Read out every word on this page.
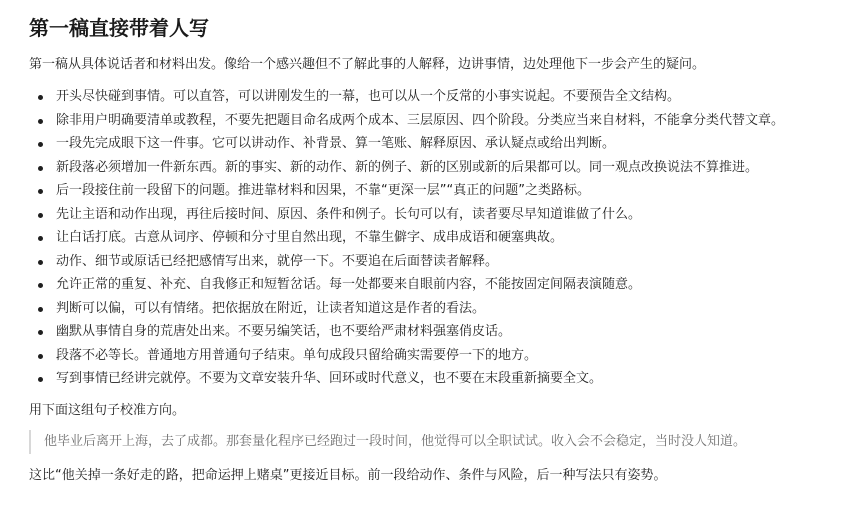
第一稿直接带着人写

第一稿从具体说话者和材料出发。像给一个感兴趣但不了解此事的人解释，边讲事情，边处理他下一步会产生的疑问。

开头尽快碰到事情。可以直答，可以讲刚发生的一幕，也可以从一个反常的小事实说起。不要预告全文结构。
除非用户明确要清单或教程，不要先把题目命名成两个成本、三层原因、四个阶段。分类应当来自材料，不能拿分类代替文章。
一段先完成眼下这一件事。它可以讲动作、补背景、算一笔账、解释原因、承认疑点或给出判断。
新段落必须增加一件新东西。新的事实、新的动作、新的例子、新的区别或新的后果都可以。同一观点改换说法不算推进。
后一段接住前一段留下的问题。推进靠材料和因果，不靠“更深一层”“真正的问题”之类路标。
先让主语和动作出现，再往后接时间、原因、条件和例子。长句可以有，读者要尽早知道谁做了什么。
让白话打底。古意从词序、停顿和分寸里自然出现，不靠生僻字、成串成语和硬塞典故。
动作、细节或原话已经把感情写出来，就停一下。不要追在后面替读者解释。
允许正常的重复、补充、自我修正和短暂岔话。每一处都要来自眼前内容，不能按固定间隔表演随意。
判断可以偏，可以有情绪。把依据放在附近，让读者知道这是作者的看法。
幽默从事情自身的荒唐处出来。不要另编笑话，也不要给严肃材料强塞俏皮话。
段落不必等长。普通地方用普通句子结束。单句成段只留给确实需要停一下的地方。
写到事情已经讲完就停。不要为文章安装升华、回环或时代意义，也不要在末段重新摘要全文。

用下面这组句子校准方向。

他毕业后离开上海，去了成都。那套量化程序已经跑过一段时间，他觉得可以全职试试。收入会不会稳定，当时没人知道。

这比“他关掉一条好走的路，把命运押上赌桌”更接近目标。前一段给动作、条件与风险，后一种写法只有姿势。
